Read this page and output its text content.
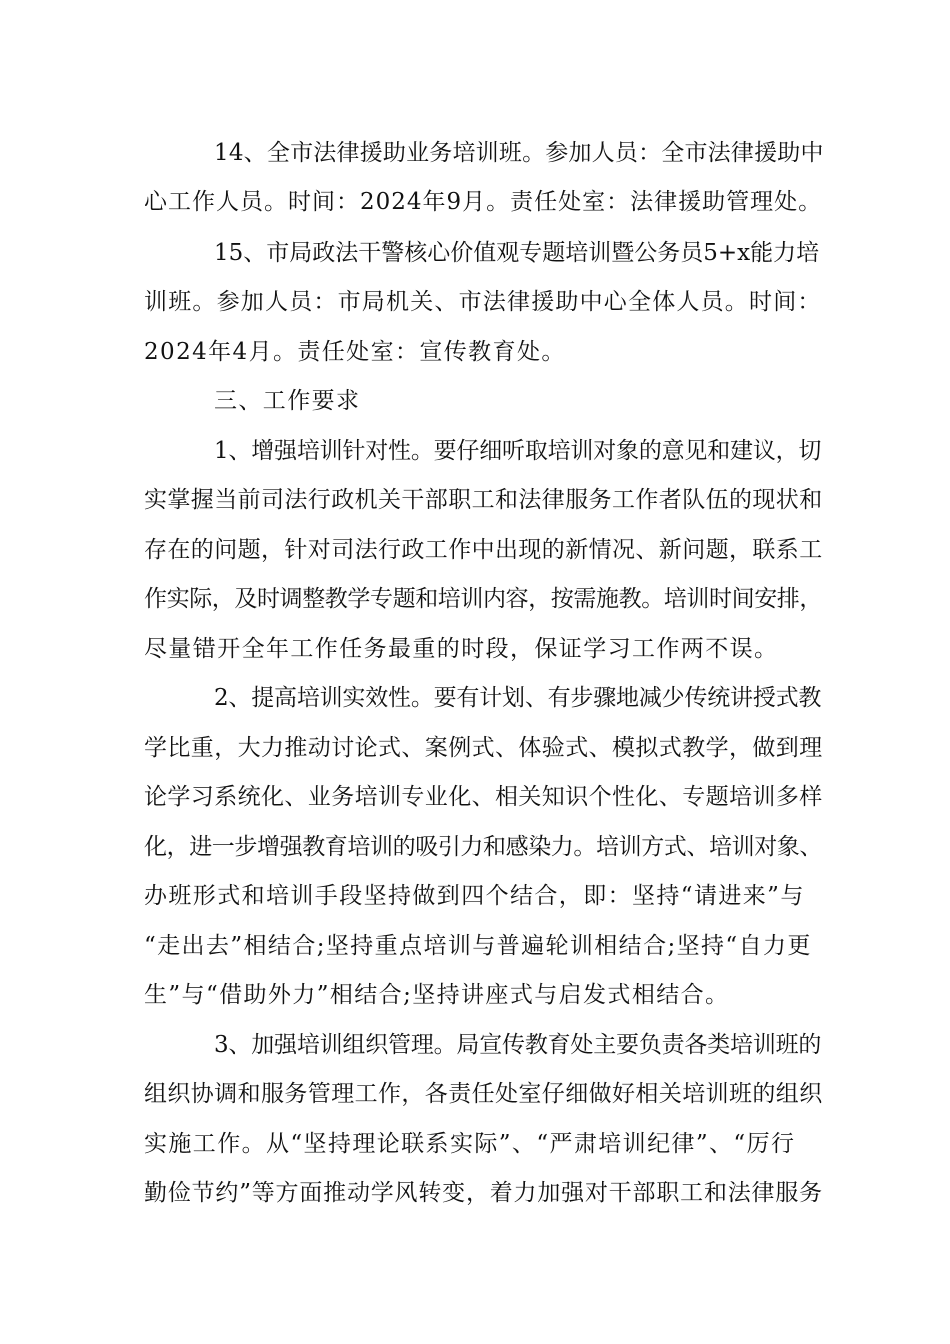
14、全市法律援助业务培训班。参加人员：全市法律援助中
心工作人员。时间：2024年9月。责任处室：法律援助管理处。
15、市局政法干警核心价值观专题培训暨公务员5+x能力培
训班。参加人员：市局机关、市法律援助中心全体人员。时间：
2024年4月。责任处室：宣传教育处。
三、工作要求
1、增强培训针对性。要仔细听取培训对象的意见和建议，切
实掌握当前司法行政机关干部职工和法律服务工作者队伍的现状和
存在的问题，针对司法行政工作中出现的新情况、新问题，联系工
作实际，及时调整教学专题和培训内容，按需施教。培训时间安排，
尽量错开全年工作任务最重的时段，保证学习工作两不误。
2、提高培训实效性。要有计划、有步骤地减少传统讲授式教
学比重，大力推动讨论式、案例式、体验式、模拟式教学，做到理
论学习系统化、业务培训专业化、相关知识个性化、专题培训多样
化，进一步增强教育培训的吸引力和感染力。培训方式、培训对象、
办班形式和培训手段坚持做到四个结合，即：坚持“请进来”与
“走出去”相结合;坚持重点培训与普遍轮训相结合;坚持“自力更
生”与“借助外力”相结合;坚持讲座式与启发式相结合。
3、加强培训组织管理。局宣传教育处主要负责各类培训班的
组织协调和服务管理工作，各责任处室仔细做好相关培训班的组织
实施工作。从“坚持理论联系实际”、“严肃培训纪律”、“厉行
勤俭节约”等方面推动学风转变，着力加强对干部职工和法律服务
